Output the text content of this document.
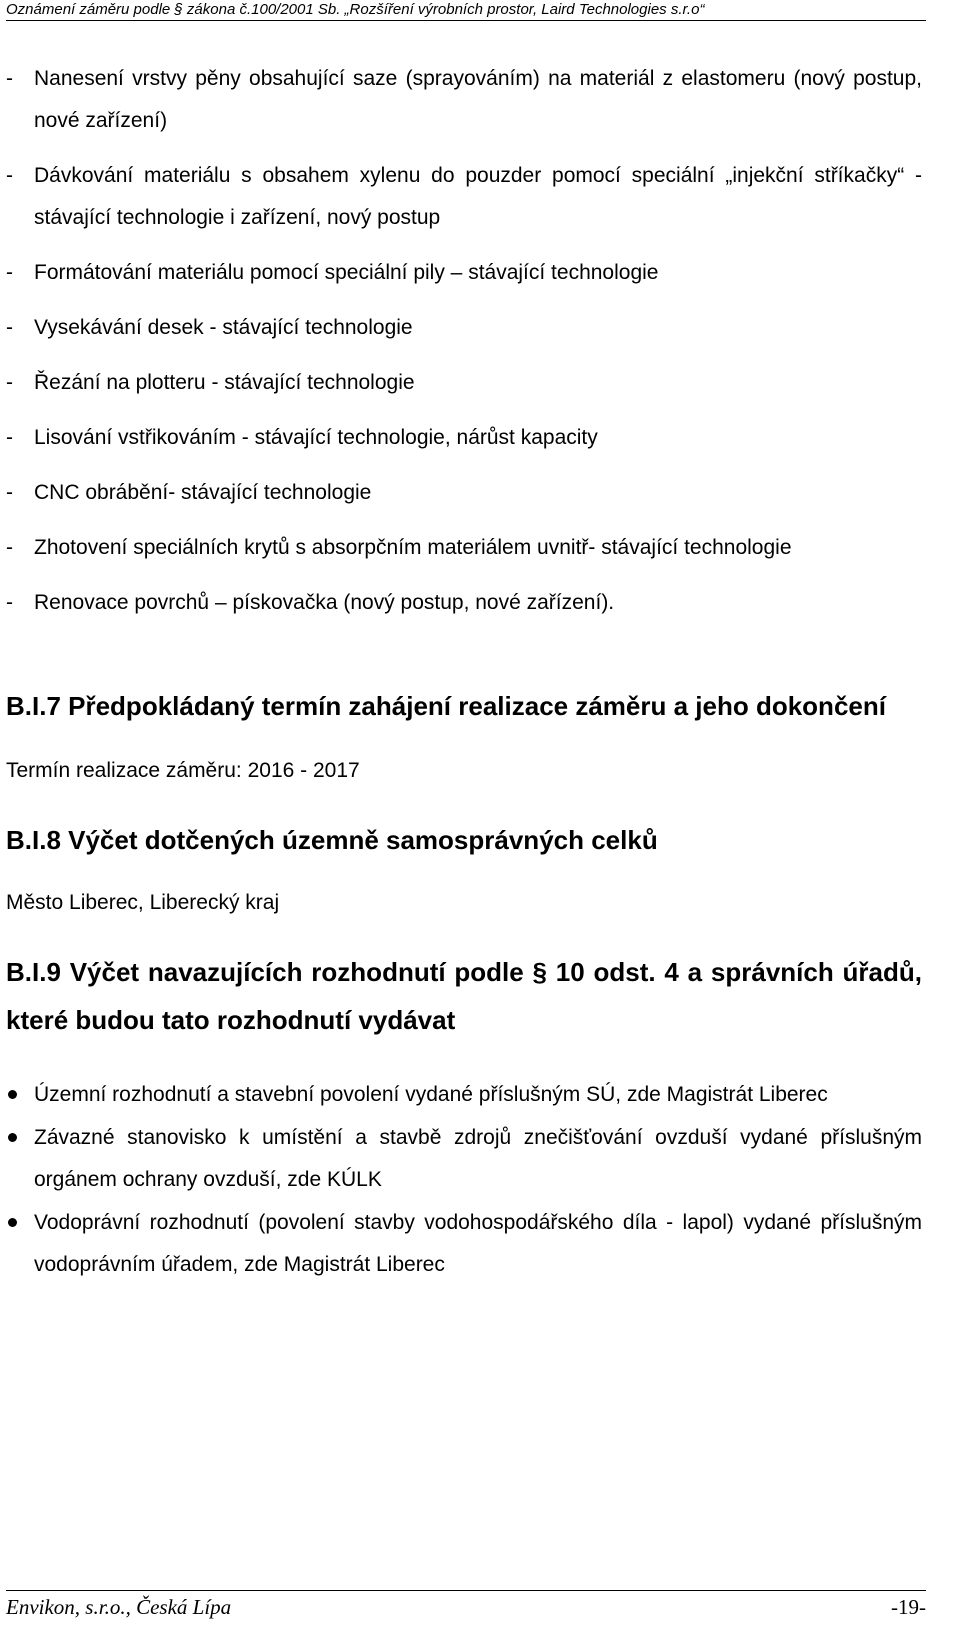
Oznámení záměru podle § zákona č.100/2001 Sb. „Rozšíření výrobních prostor, Laird Technologies s.r.o“
- Nanesení vrstvy pěny obsahující saze (sprayováním) na materiál z elastomeru (nový postup, nové zařízení)
- Dávkování materiálu s obsahem xylenu do pouzder pomocí speciální „injekční stříkačky“ - stávající technologie i zařízení, nový postup
- Formátování materiálu pomocí speciální pily – stávající technologie
- Vysekávání desek - stávající technologie
- Řezání na plotteru - stávající technologie
- Lisování vstřikováním - stávající technologie, nárůst kapacity
- CNC obrábění- stávající technologie
- Zhotovení speciálních krytů s absorpčním materiálem uvnitř- stávající technologie
- Renovace povrchů – pískovačka (nový postup, nové zařízení).
B.I.7 Předpokládaný termín zahájení realizace záměru a jeho dokončení

Termín realizace záměru: 2016 - 2017

B.I.8 Výčet dotčených územně samosprávných celků

Město Liberec, Liberecký kraj

B.I.9 Výčet navazujících rozhodnutí podle § 10 odst. 4 a správních úřadů, které budou tato rozhodnutí vydávat
Územní rozhodnutí a stavební povolení vydané příslušným SÚ, zde Magistrát Liberec
Závazné stanovisko k umístění a stavbě zdrojů znečišťování ovzduší vydané příslušným orgánem ochrany ovzduší, zde KÚLK
Vodoprávní rozhodnutí (povolení stavby vodohospodářského díla - lapol) vydané příslušným vodoprávním úřadem, zde Magistrát Liberec
Envikon, s.r.o., Česká Lípa	-19-
